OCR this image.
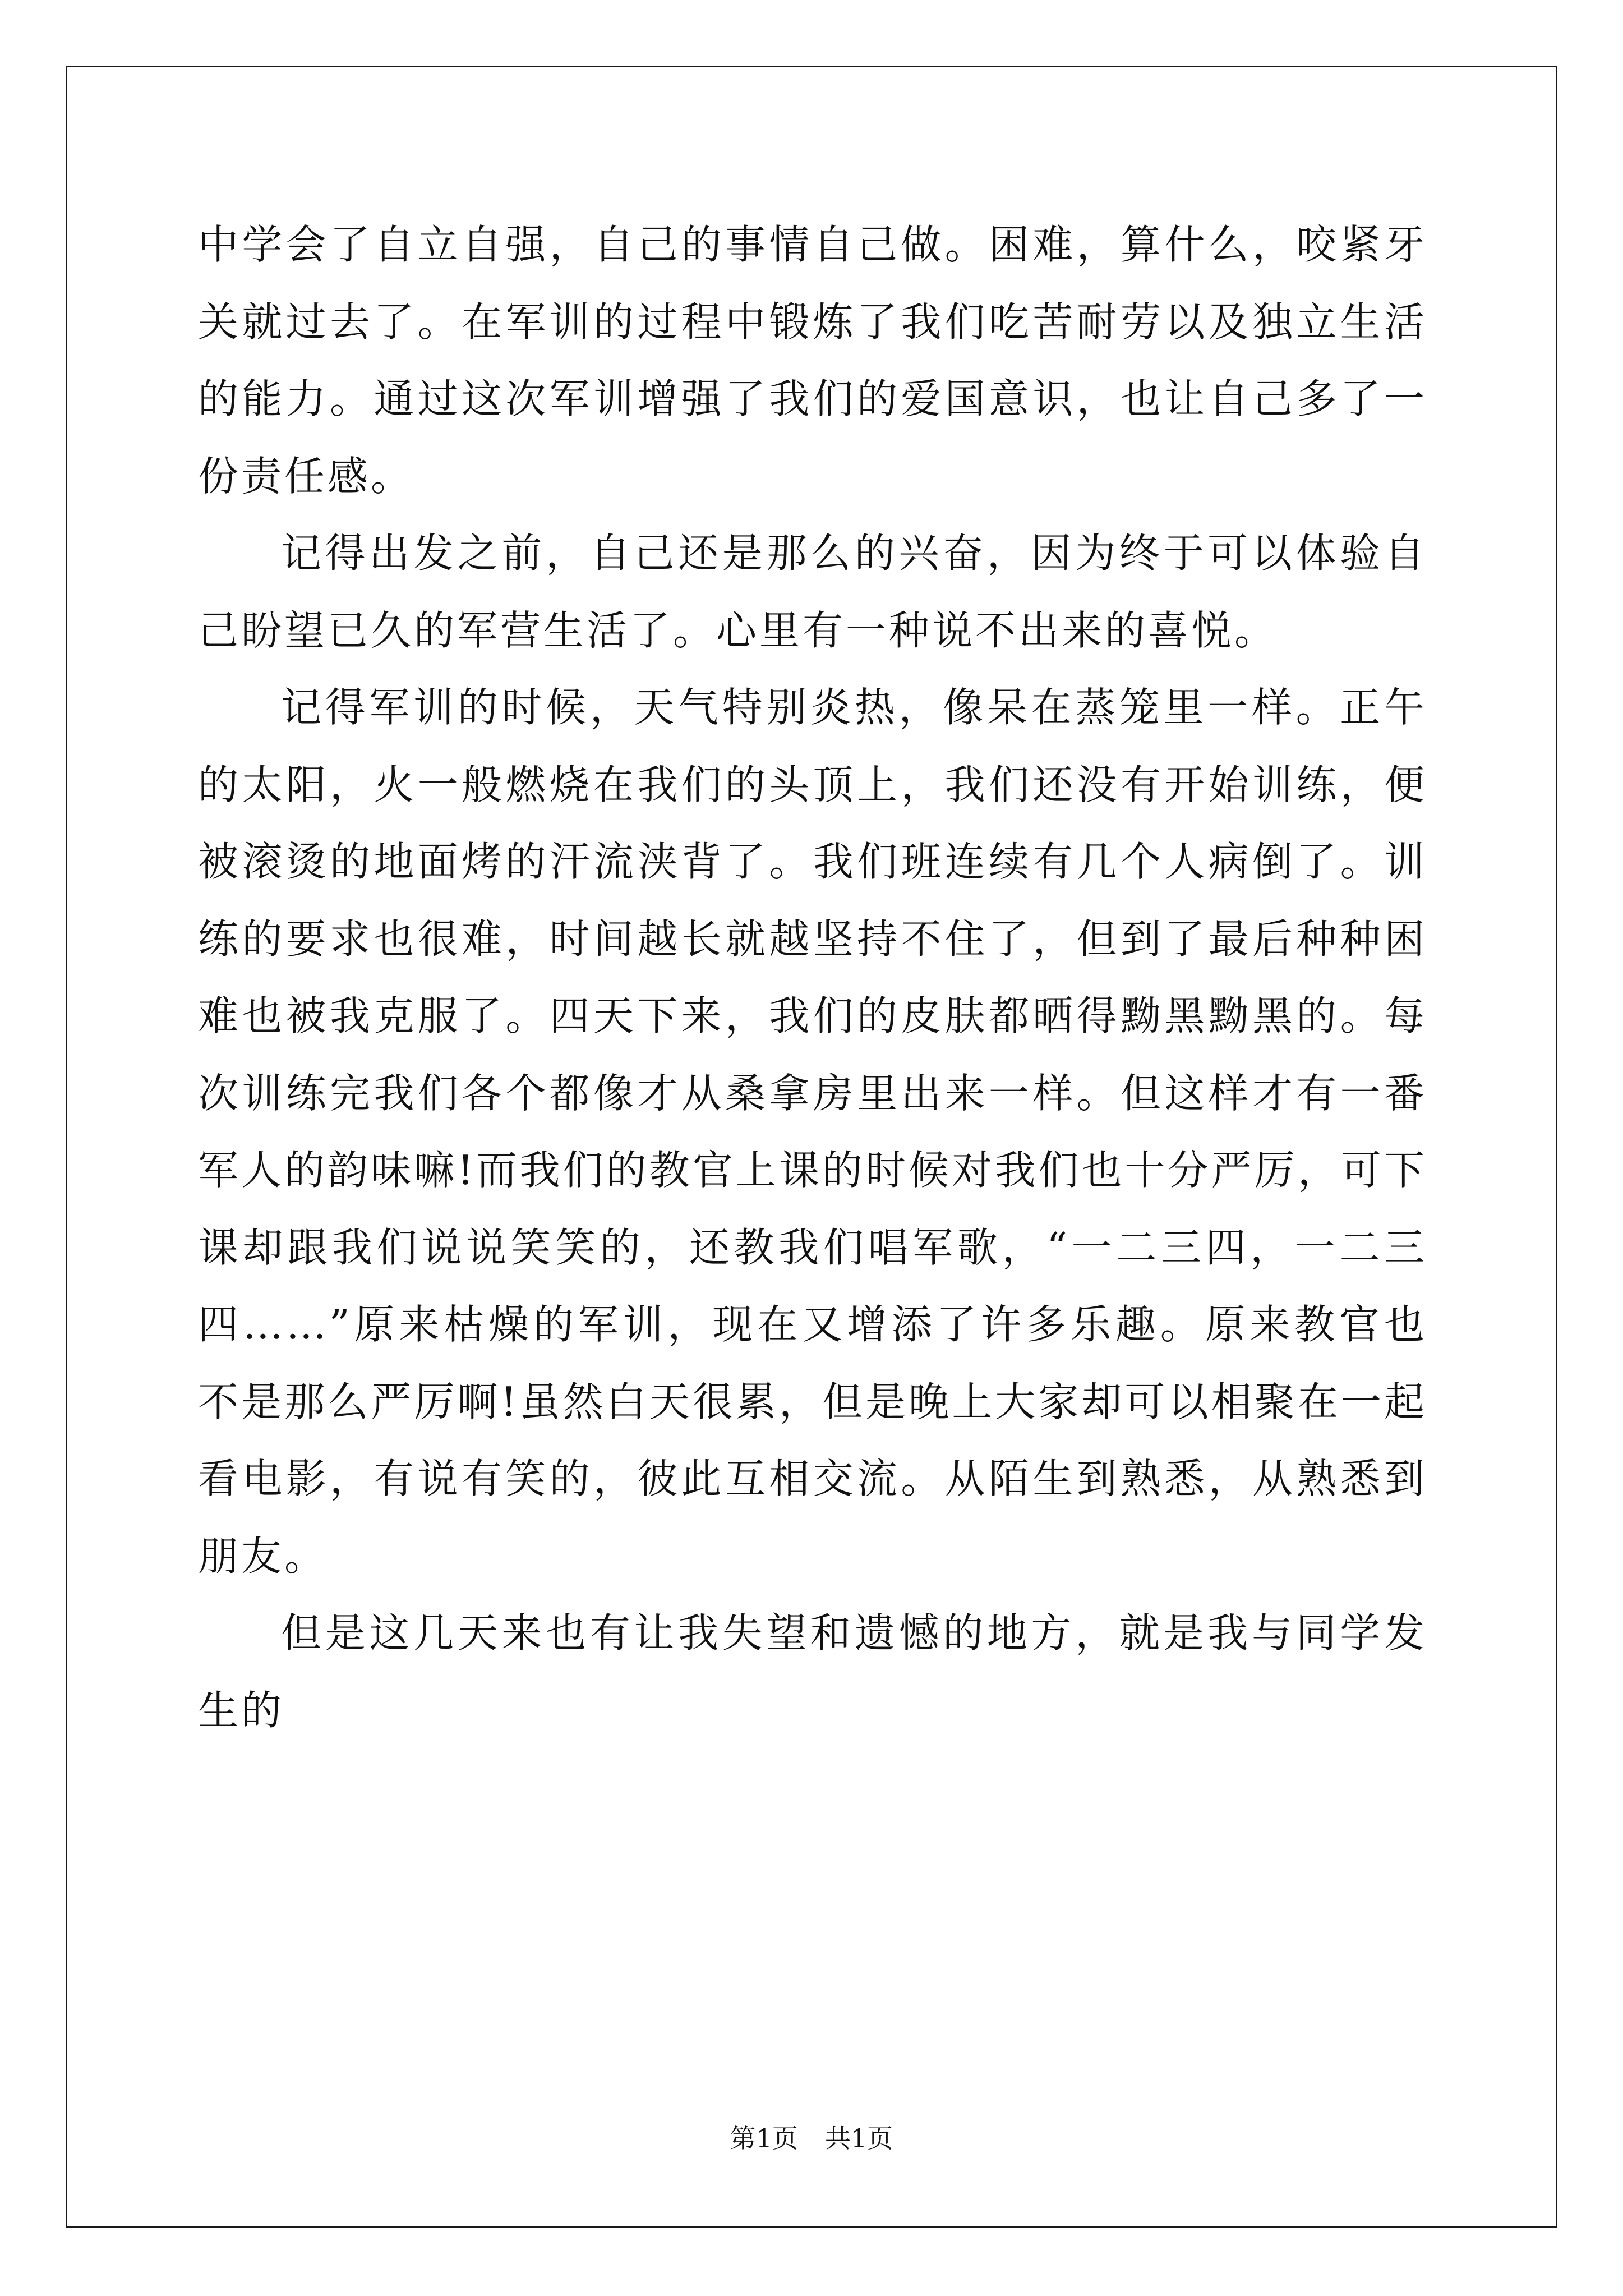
中学会了自立自强，自己的事情自己做。困难，算什么，咬紧牙关就过去了。在军训的过程中锻炼了我们吃苦耐劳以及独立生活的能力。通过这次军训增强了我们的爱国意识，也让自己多了一份责任感。

记得出发之前，自己还是那么的兴奋，因为终于可以体验自己盼望已久的军营生活了。心里有一种说不出来的喜悦。

记得军训的时候，天气特别炎热，像呆在蒸笼里一样。正午的太阳，火一般燃烧在我们的头顶上，我们还没有开始训练，便被滚烫的地面烤的汗流浃背了。我们班连续有几个人病倒了。训练的要求也很难，时间越长就越坚持不住了，但到了最后种种困难也被我克服了。四天下来，我们的皮肤都晒得黝黑黝黑的。每次训练完我们各个都像才从桑拿房里出来一样。但这样才有一番军人的韵味嘛!而我们的教官上课的时候对我们也十分严厉，可下课却跟我们说说笑笑的，还教我们唱军歌，“一二三四，一二三四……”原来枯燥的军训，现在又增添了许多乐趣。原来教官也不是那么严厉啊!虽然白天很累，但是晚上大家却可以相聚在一起看电影，有说有笑的，彼此互相交流。从陌生到熟悉，从熟悉到朋友。

但是这几天来也有让我失望和遗憾的地方，就是我与同学发生的

第1页 共1页
